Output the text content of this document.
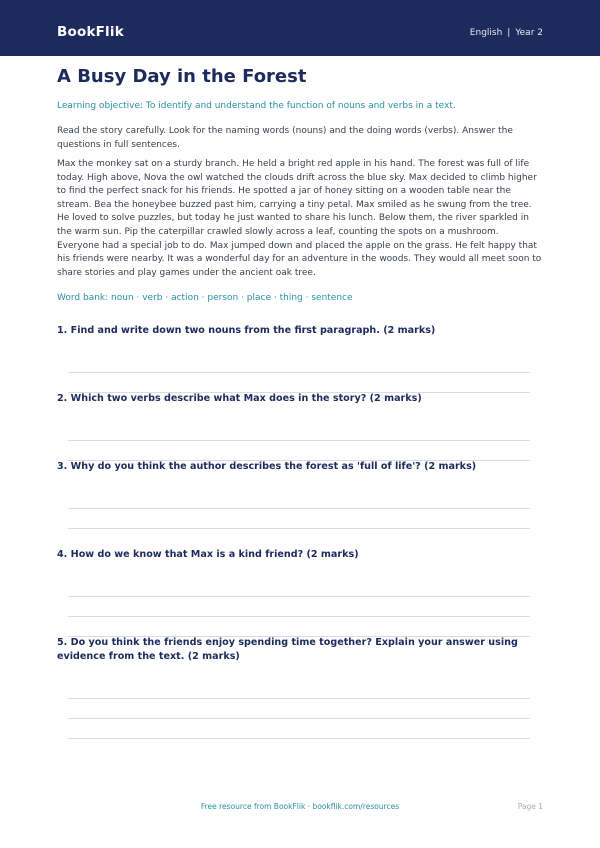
BookFlik	English | Year 2
A Busy Day in the Forest

Learning objective: To identify and understand the function of nouns and verbs in a text.

Read the story carefully. Look for the naming words (nouns) and the doing words (verbs). Answer the questions in full sentences.

Max the monkey sat on a sturdy branch. He held a bright red apple in his hand. The forest was full of life today. High above, Nova the owl watched the clouds drift across the blue sky. Max decided to climb higher to find the perfect snack for his friends. He spotted a jar of honey sitting on a wooden table near the stream. Bea the honeybee buzzed past him, carrying a tiny petal. Max smiled as he swung from the tree. He loved to solve puzzles, but today he just wanted to share his lunch. Below them, the river sparkled in the warm sun. Pip the caterpillar crawled slowly across a leaf, counting the spots on a mushroom. Everyone had a special job to do. Max jumped down and placed the apple on the grass. He felt happy that his friends were nearby. It was a wonderful day for an adventure in the woods. They would all meet soon to share stories and play games under the ancient oak tree.

Word bank: noun · verb · action · person · place · thing · sentence

1. Find and write down two nouns from the first paragraph. (2 marks)

2. Which two verbs describe what Max does in the story? (2 marks)

3. Why do you think the author describes the forest as 'full of life'? (2 marks)

4. How do we know that Max is a kind friend? (2 marks)

5. Do you think the friends enjoy spending time together? Explain your answer using evidence from the text. (2 marks)

Free resource from BookFlik · bookflik.com/resources	Page 1
